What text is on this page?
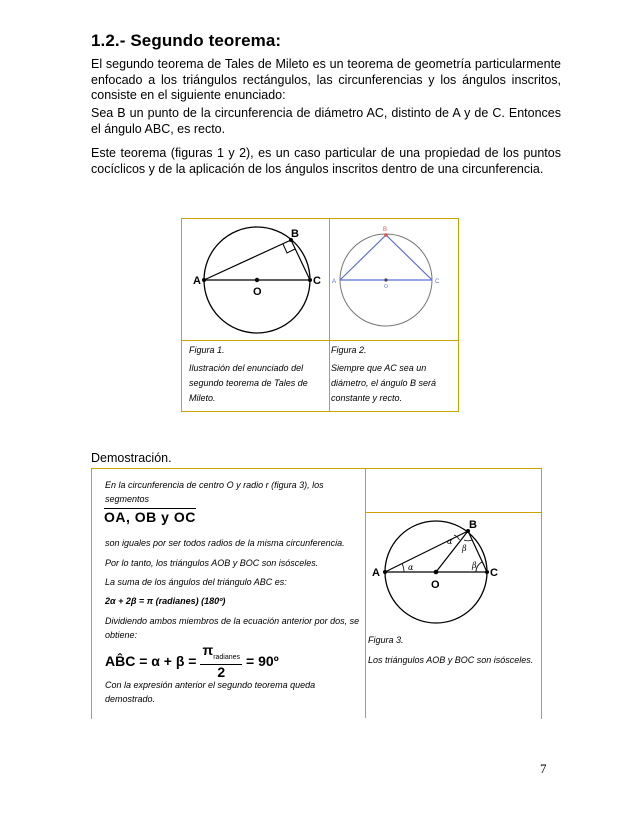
1.2.- Segundo teorema:

El segundo teorema de Tales de Mileto es un teorema de geometría particularmente enfocado a los triángulos rectángulos, las circunferencias y los ángulos inscritos, consiste en el siguiente enunciado:

Sea B un punto de la circunferencia de diámetro AC, distinto de A y de C. Entonces el ángulo ABC, es recto.

Este teorema (figuras 1 y 2), es un caso particular de una propiedad de los puntos cocíclicos y de la aplicación de los ángulos inscritos dentro de una circunferencia.

A
B
C
O
A
B
C
O
Figura 1.
Ilustración del enunciado del segundo teorema de Tales de Mileto.
Figura 2.
Siempre que AC sea un diámetro, el ángulo B será constante y recto.
Demostración.
En la circunferencia de centro O y radio r (figura 3), los segmentos
OA, OB y OC
son iguales por ser todos radios de la misma circunferencia.
Por lo tanto, los triángulos AOB y BOC son isósceles.
La suma de los ángulos del triángulo ABC es:
2α + 2β = π (radianes) (180º)
Dividiendo ambos miembros de la ecuación anterior por dos, se obtiene:
AB̂C = α + β =
$\pi_{radianes}$
2
= 90º
Con la expresión anterior el segundo teorema queda demostrado.
A
B
C
O
α
α
β
β
Figura 3.
Los triángulos AOB y BOC son isósceles.
7
